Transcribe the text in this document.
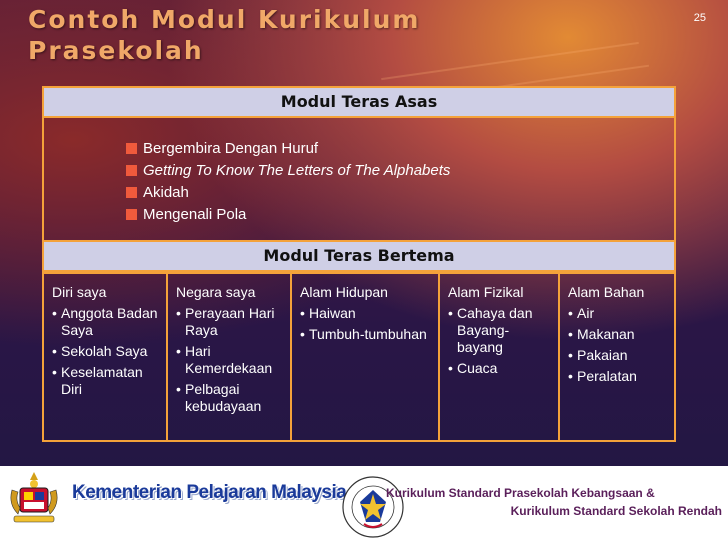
Contoh Modul Kurikulum Prasekolah
25
Modul Teras Asas
Bergembira Dengan Huruf
Getting To Know The Letters of The Alphabets
Akidah
Mengenali Pola
Modul Teras Bertema
Diri saya
• Anggota Badan Saya
• Sekolah Saya
• Keselamatan Diri
Negara saya
• Perayaan Hari Raya
• Hari Kemerdekaan
• Pelbagai kebudayaan
Alam Hidupan
• Haiwan
• Tumbuh-tumbuhan
Alam Fizikal
• Cahaya dan Bayang-bayang
• Cuaca
Alam Bahan
• Air
• Makanan
• Pakaian
• Peralatan
Kementerian Pelajaran Malaysia	Kurikulum Standard Prasekolah Kebangsaan &
Kurikulum Standard Sekolah Rendah
